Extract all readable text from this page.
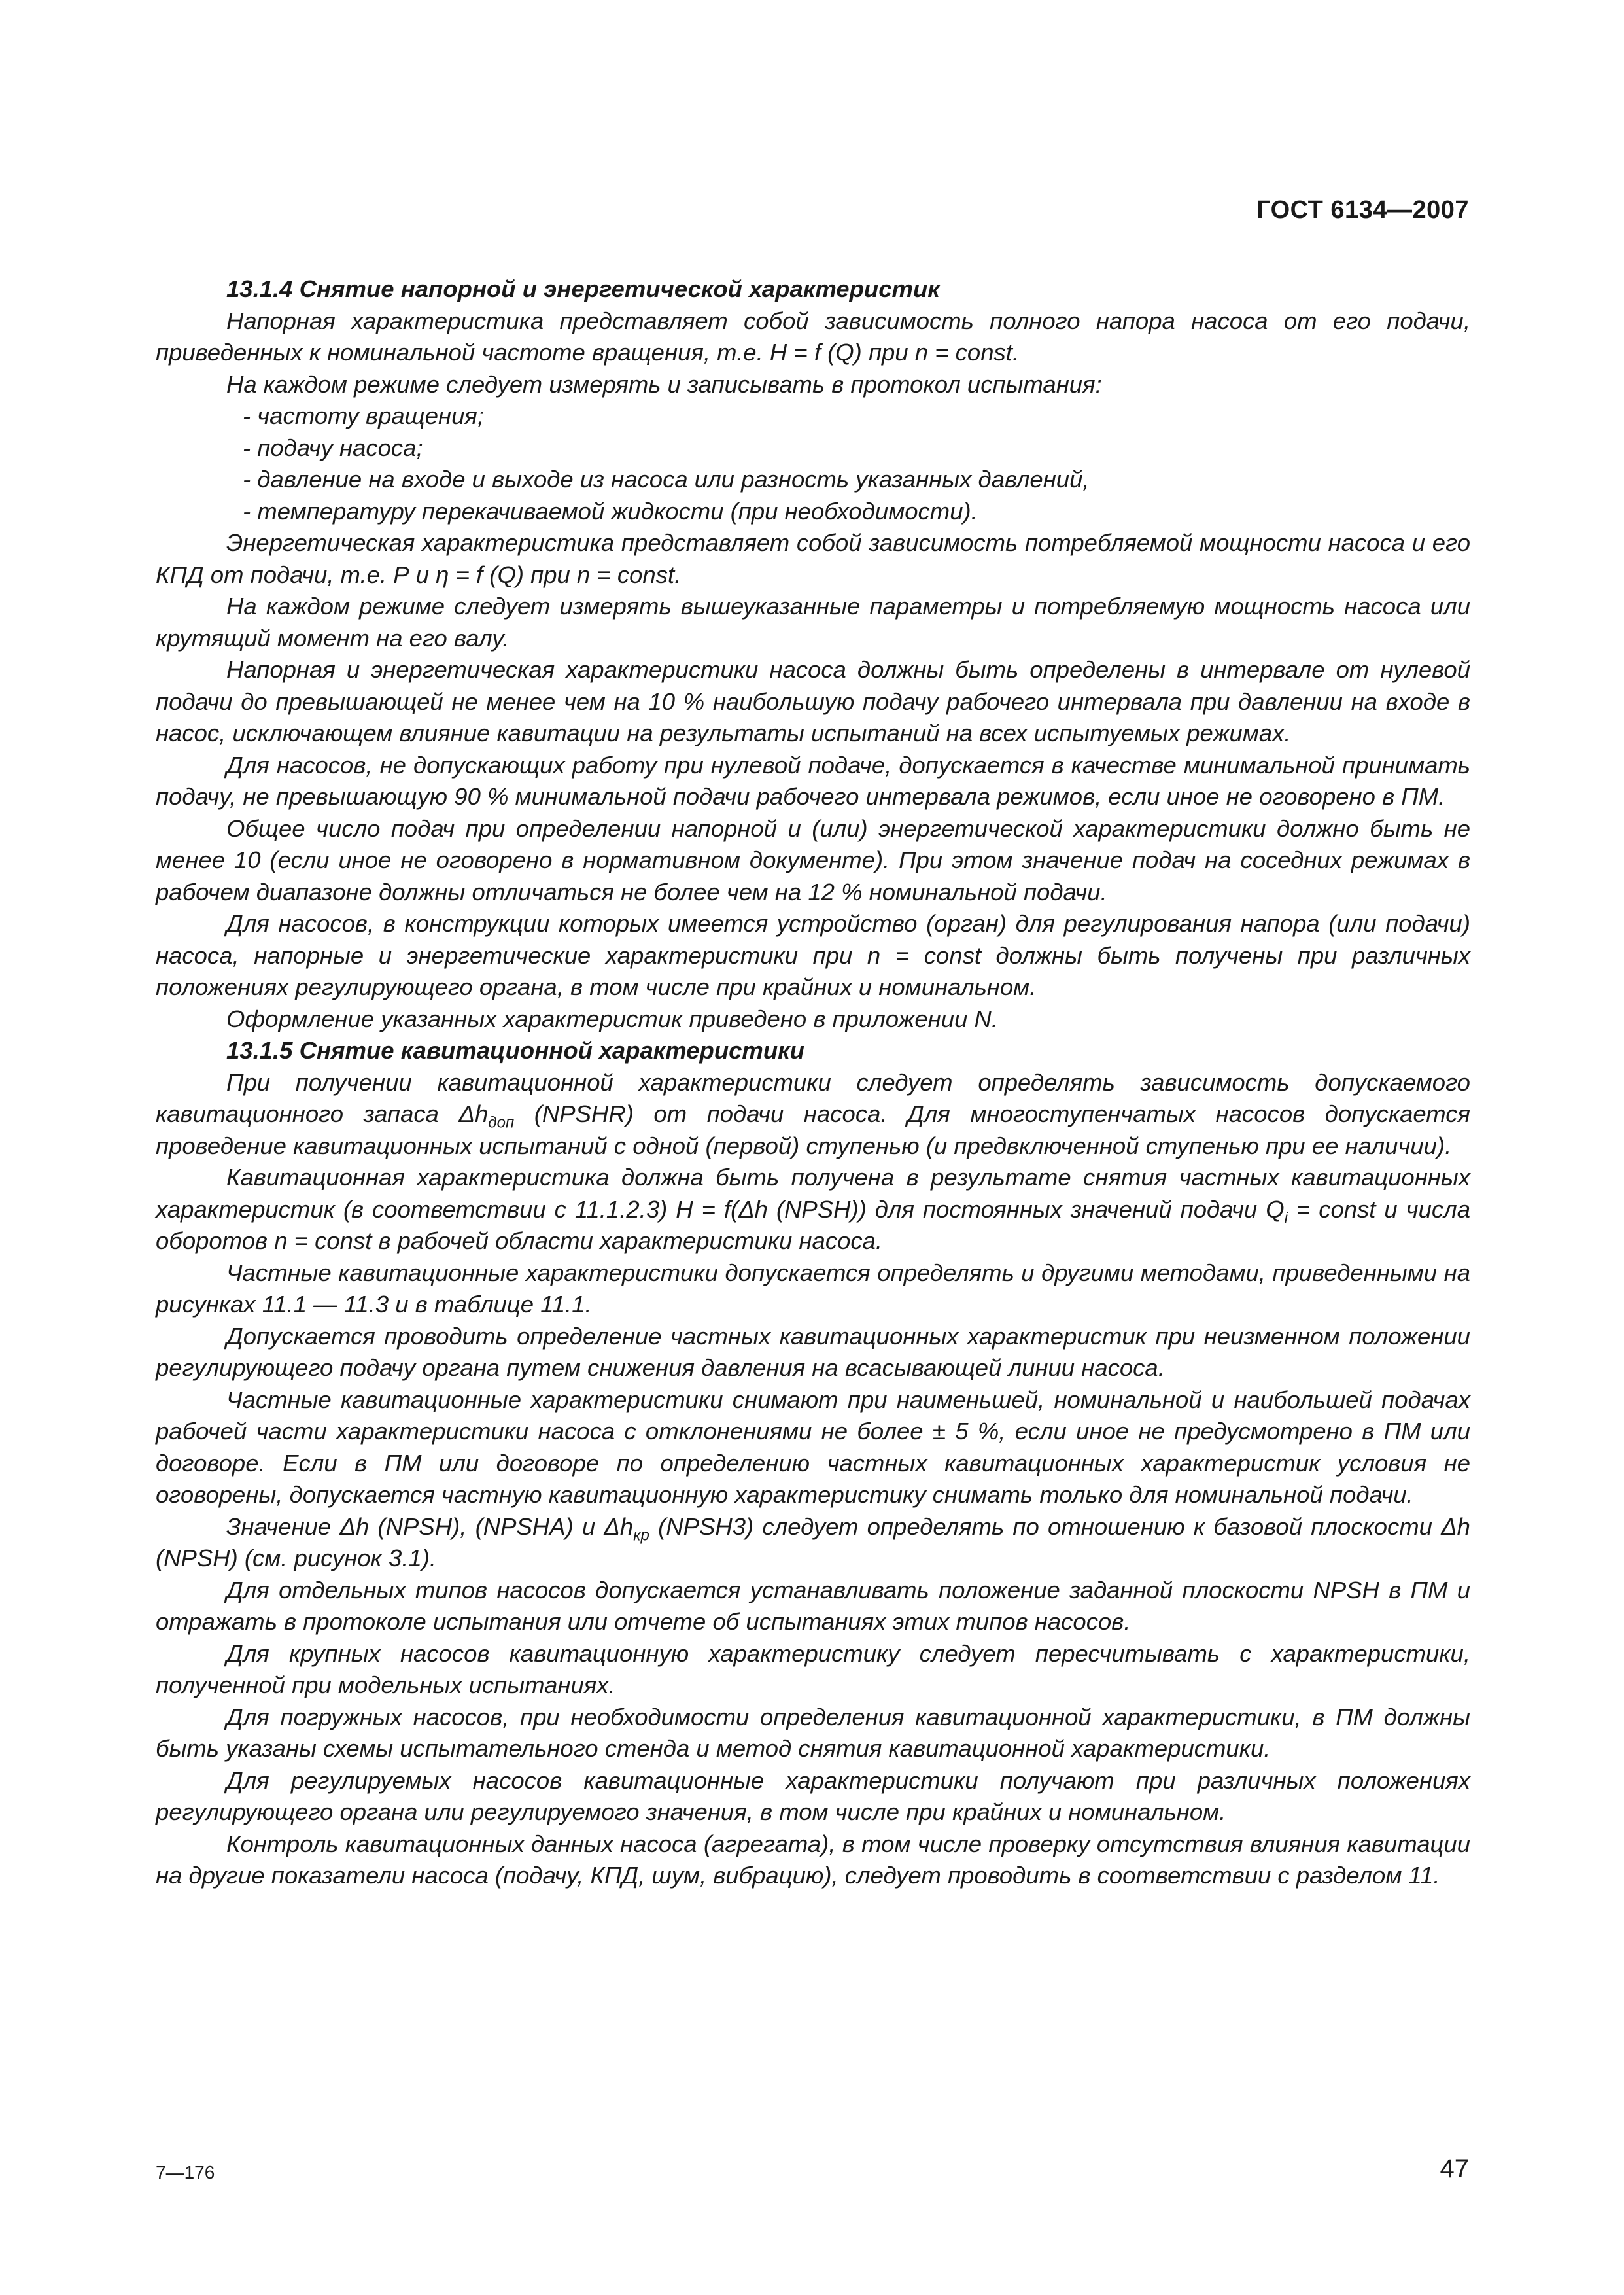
ГОСТ 6134—2007

13.1.4 Снятие напорной и энергетической характеристик

Напорная характеристика представляет собой зависимость полного напора насоса от его подачи, приведенных к номинальной частоте вращения, т.е. Н = f (Q) при n = const.

На каждом режиме следует измерять и записывать в протокол испытания:

- частоту вращения;

- подачу насоса;

- давление на входе и выходе из насоса или разность указанных давлений,

- температуру перекачиваемой жидкости (при необходимости).

Энергетическая характеристика представляет собой зависимость потребляемой мощности насоса и его КПД от подачи, т.е. Р и η = f (Q) при n = const.

На каждом режиме следует измерять вышеуказанные параметры и потребляемую мощность насоса или крутящий момент на его валу.

Напорная и энергетическая характеристики насоса должны быть определены в интервале от нулевой подачи до превышающей не менее чем на 10 % наибольшую подачу рабочего интервала при давлении на входе в насос, исключающем влияние кавитации на результаты испытаний на всех испытуемых режимах.

Для насосов, не допускающих работу при нулевой подаче, допускается в качестве минимальной принимать подачу, не превышающую 90 % минимальной подачи рабочего интервала режимов, если иное не оговорено в ПМ.

Общее число подач при определении напорной и (или) энергетической характеристики должно быть не менее 10 (если иное не оговорено в нормативном документе). При этом значение подач на соседних режимах в рабочем диапазоне должны отличаться не более чем на 12 % номинальной подачи.

Для насосов, в конструкции которых имеется устройство (орган) для регулирования напора (или подачи) насоса, напорные и энергетические характеристики при n = const должны быть получены при различных положениях регулирующего органа, в том числе при крайних и номинальном.

Оформление указанных характеристик приведено в приложении N.

13.1.5 Снятие кавитационной характеристики

При получении кавитационной характеристики следует определять зависимость допускаемого кавитационного запаса $\Delta h_{доп}$ (NPSHR) от подачи насоса. Для многоступенчатых насосов допускается проведение кавитационных испытаний с одной (первой) ступенью (и предвключенной ступенью при ее наличии).

Кавитационная характеристика должна быть получена в результате снятия частных кавитационных характеристик (в соответствии с 11.1.2.3) H = f(Δh (NPSH)) для постоянных значений подачи $Q_i$ = const и числа оборотов n = const в рабочей области характеристики насоса.

Частные кавитационные характеристики допускается определять и другими методами, приведенными на рисунках 11.1 — 11.3 и в таблице 11.1.

Допускается проводить определение частных кавитационных характеристик при неизменном положении регулирующего подачу органа путем снижения давления на всасывающей линии насоса.

Частные кавитационные характеристики снимают при наименьшей, номинальной и наибольшей подачах рабочей части характеристики насоса с отклонениями не более ± 5 %, если иное не предусмотрено в ПМ или договоре. Если в ПМ или договоре по определению частных кавитационных характеристик условия не оговорены, допускается частную кавитационную характеристику снимать только для номинальной подачи.

Значение Δh (NPSH), (NPSHA) и $\Delta h_{кр}$ (NPSH3) следует определять по отношению к базовой плоскости Δh (NPSH) (см. рисунок 3.1).

Для отдельных типов насосов допускается устанавливать положение заданной плоскости NPSH в ПМ и отражать в протоколе испытания или отчете об испытаниях этих типов насосов.

Для крупных насосов кавитационную характеристику следует пересчитывать с характеристики, полученной при модельных испытаниях.

Для погружных насосов, при необходимости определения кавитационной характеристики, в ПМ должны быть указаны схемы испытательного стенда и метод снятия кавитационной характеристики.

Для регулируемых насосов кавитационные характеристики получают при различных положениях регулирующего органа или регулируемого значения, в том числе при крайних и номинальном.

Контроль кавитационных данных насоса (агрегата), в том числе проверку отсутствия влияния кавитации на другие показатели насоса (подачу, КПД, шум, вибрацию), следует проводить в соответствии с разделом 11.

7—176	47
